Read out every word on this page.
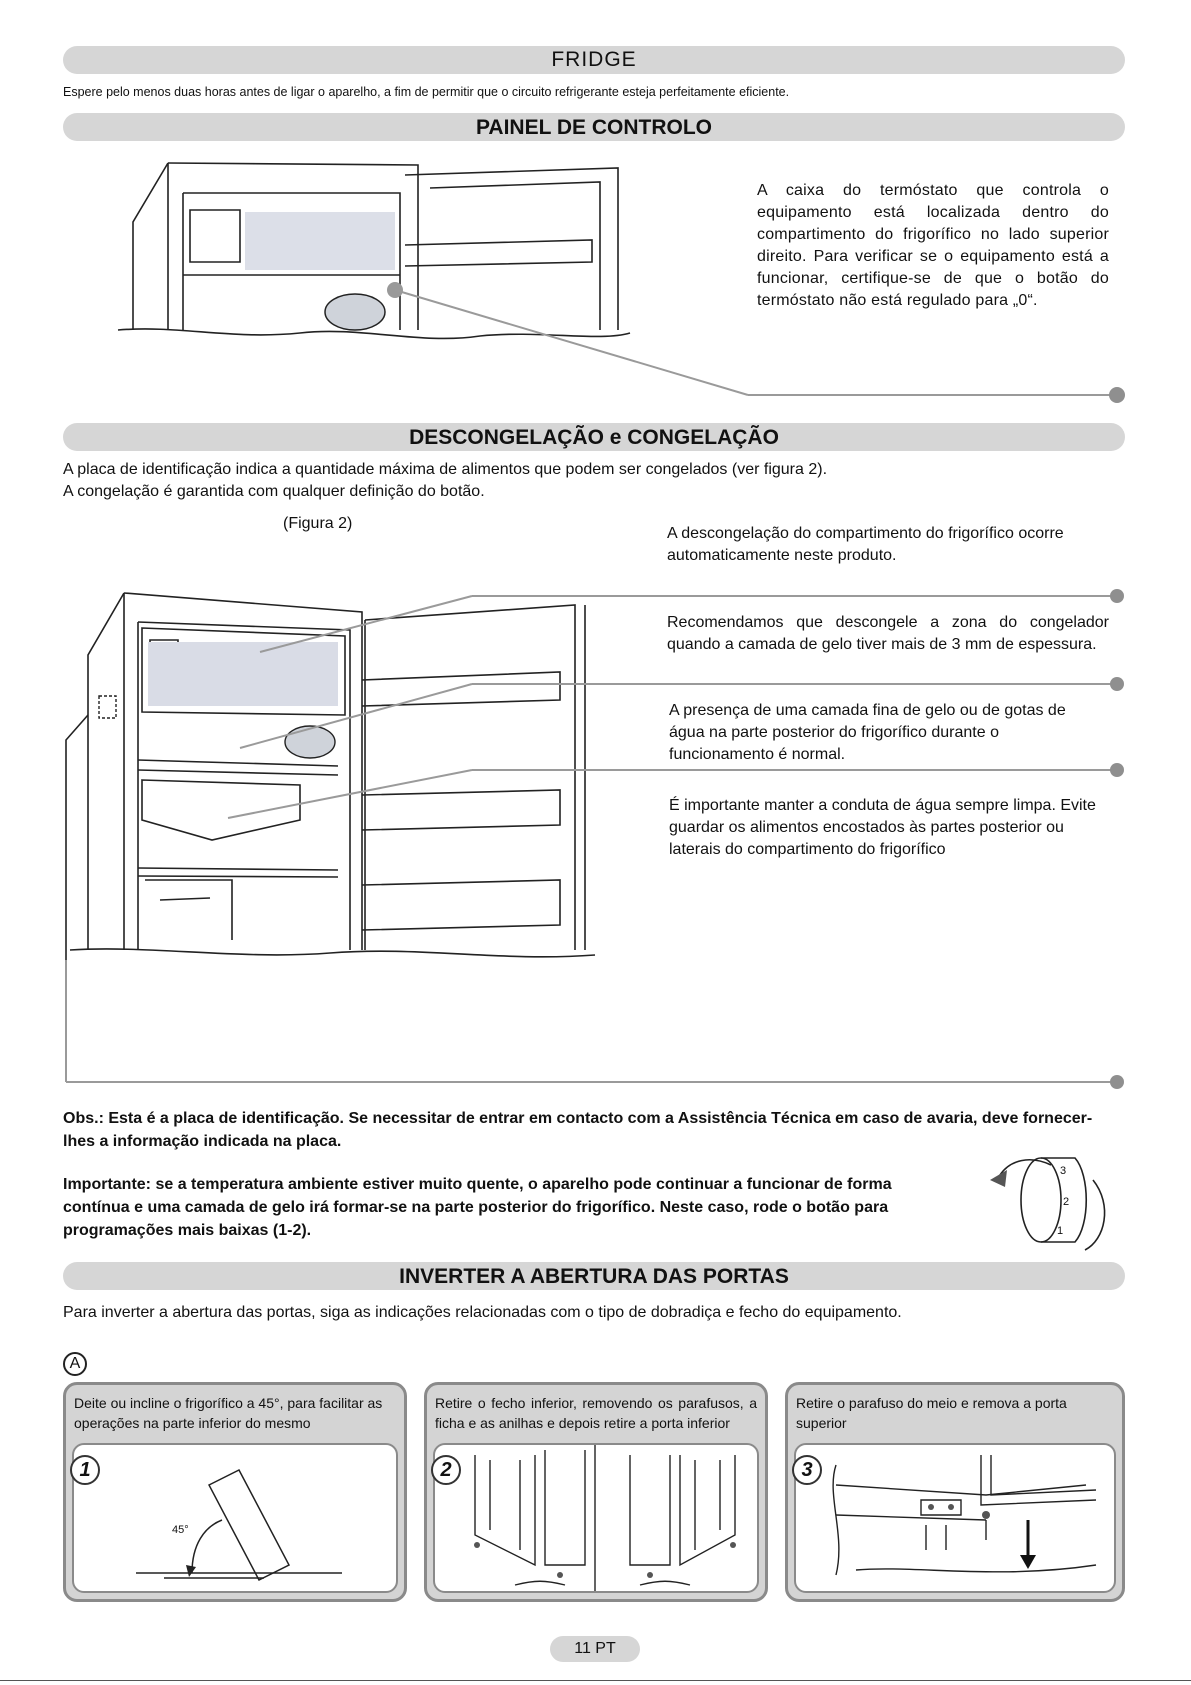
FRIDGE
Espere pelo menos duas horas antes de ligar o aparelho, a fim de permitir que o circuito refrigerante esteja perfeitamente eficiente.
PAINEL DE CONTROLO
A caixa do termóstato que controla o equipamento está localizada dentro do compartimento do frigorífico no lado superior direito. Para verificar se o equipamento está a funcionar, certifique-se de que o botão do termóstato não está regulado para „0“.
DESCONGELAÇÃO e CONGELAÇÃO
A placa de identificação indica a quantidade máxima de alimentos que podem ser congelados (ver figura 2).
A congelação é garantida com qualquer definição do botão.
(Figura 2)
A descongelação do compartimento do frigorífico ocorre automaticamente neste produto.
Recomendamos que descongele a zona do congelador quando a camada de gelo tiver mais de 3 mm de espessura.
A presença de uma camada fina de gelo ou de gotas de água na parte posterior do frigorífico durante o funcionamento é normal.
É importante manter a conduta de água sempre limpa. Evite guardar os alimentos encostados às partes posterior ou laterais do compartimento do frigorífico
Obs.: Esta é a placa de identificação. Se necessitar de entrar em contacto com a Assistência Técnica em caso de avaria, deve fornecer-lhes a informação indicada na placa.
Importante: se a temperatura ambiente estiver muito quente, o aparelho pode continuar a funcionar de forma contínua e uma camada de gelo irá formar-se na parte posterior do frigorífico. Neste caso, rode o botão para programações mais baixas (1-2).
3
2
1
INVERTER A ABERTURA DAS PORTAS
Para inverter a abertura das portas, siga as indicações relacionadas com o tipo de dobradiça e fecho do equipamento.
A
Deite ou incline o frigorífico a 45°, para facilitar as operações na parte inferior do mesmo
45°
1
Retire o fecho inferior, removendo os parafusos, a ficha e as anilhas e depois retire a porta inferior
2
Retire o parafuso do meio e remova a porta superior
3
11 PT
